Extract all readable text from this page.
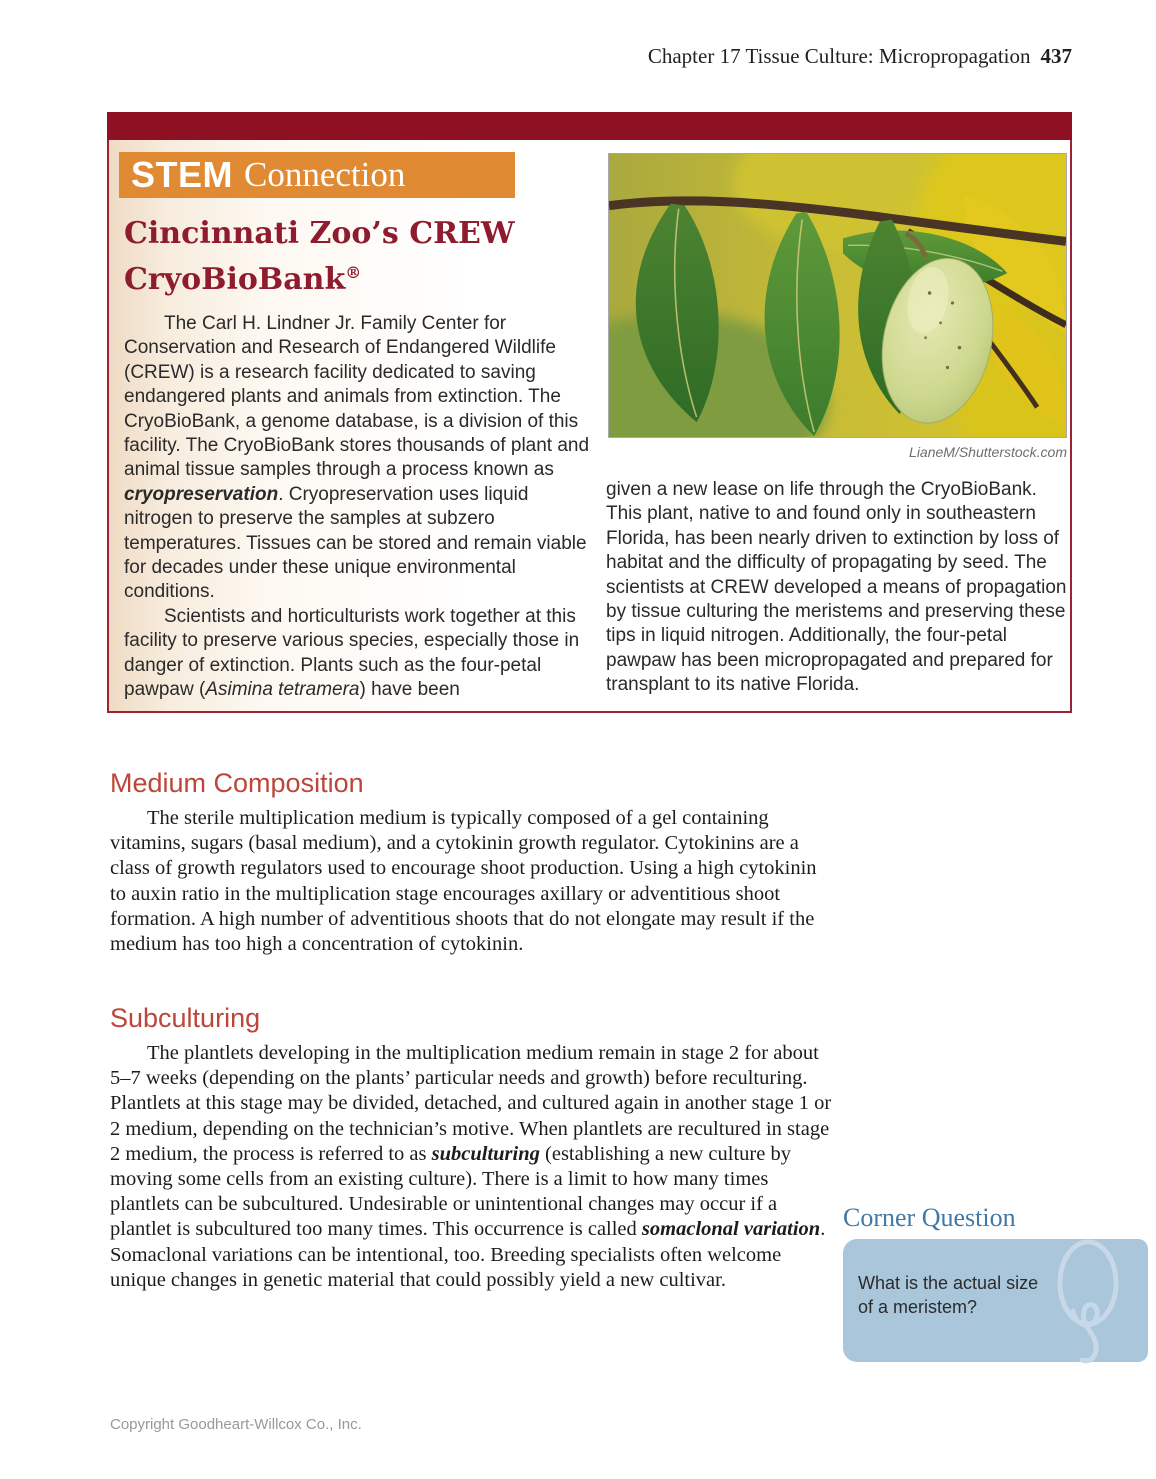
Chapter 17 Tissue Culture: Micropropagation 437
STEM Connection
Cincinnati Zoo’s CREW
CryoBioBank®

The Carl H. Lindner Jr. Family Center for Conservation and Research of Endangered Wildlife (CREW) is a research facility dedicated to saving endangered plants and animals from extinction. The CryoBioBank, a genome database, is a division of this facility. The CryoBioBank stores thousands of plant and animal tissue samples through a process known as cryopreservation. Cryopreservation uses liquid nitrogen to preserve the samples at subzero temperatures. Tissues can be stored and remain viable for decades under these unique environmental conditions.

Scientists and horticulturists work together at this facility to preserve various species, especially those in danger of extinction. Plants such as the four-petal pawpaw (Asimina tetramera) have been

LianeM/Shutterstock.com

given a new lease on life through the CryoBioBank. This plant, native to and found only in southeastern Florida, has been nearly driven to extinction by loss of habitat and the difficulty of propagating by seed. The scientists at CREW developed a means of propagation by tissue culturing the meristems and preserving these tips in liquid nitrogen. Additionally, the four-petal pawpaw has been micropropagated and prepared for transplant to its native Florida.

Medium Composition

The sterile multiplication medium is typically composed of a gel containing vitamins, sugars (basal medium), and a cytokinin growth regulator. Cytokinins are a class of growth regulators used to encourage shoot production. Using a high cytokinin to auxin ratio in the multiplication stage encourages axillary or adventitious shoot formation. A high number of adventitious shoots that do not elongate may result if the medium has too high a concentration of cytokinin.

Subculturing

The plantlets developing in the multiplication medium remain in stage 2 for about 5–7 weeks (depending on the plants’ particular needs and growth) before reculturing. Plantlets at this stage may be divided, detached, and cultured again in another stage 1 or 2 medium, depending on the technician’s motive. When plantlets are recultured in stage 2 medium, the process is referred to as subculturing (establishing a new culture by moving some cells from an existing culture). There is a limit to how many times plantlets can be subcultured. Undesirable or unintentional changes may occur if a plantlet is subcultured too many times. This occurrence is called somaclonal variation. Somaclonal variations can be intentional, too. Breeding specialists often welcome unique changes in genetic material that could possibly yield a new cultivar.

Corner Question
What is the actual size of a meristem?
Copyright Goodheart-Willcox Co., Inc.
